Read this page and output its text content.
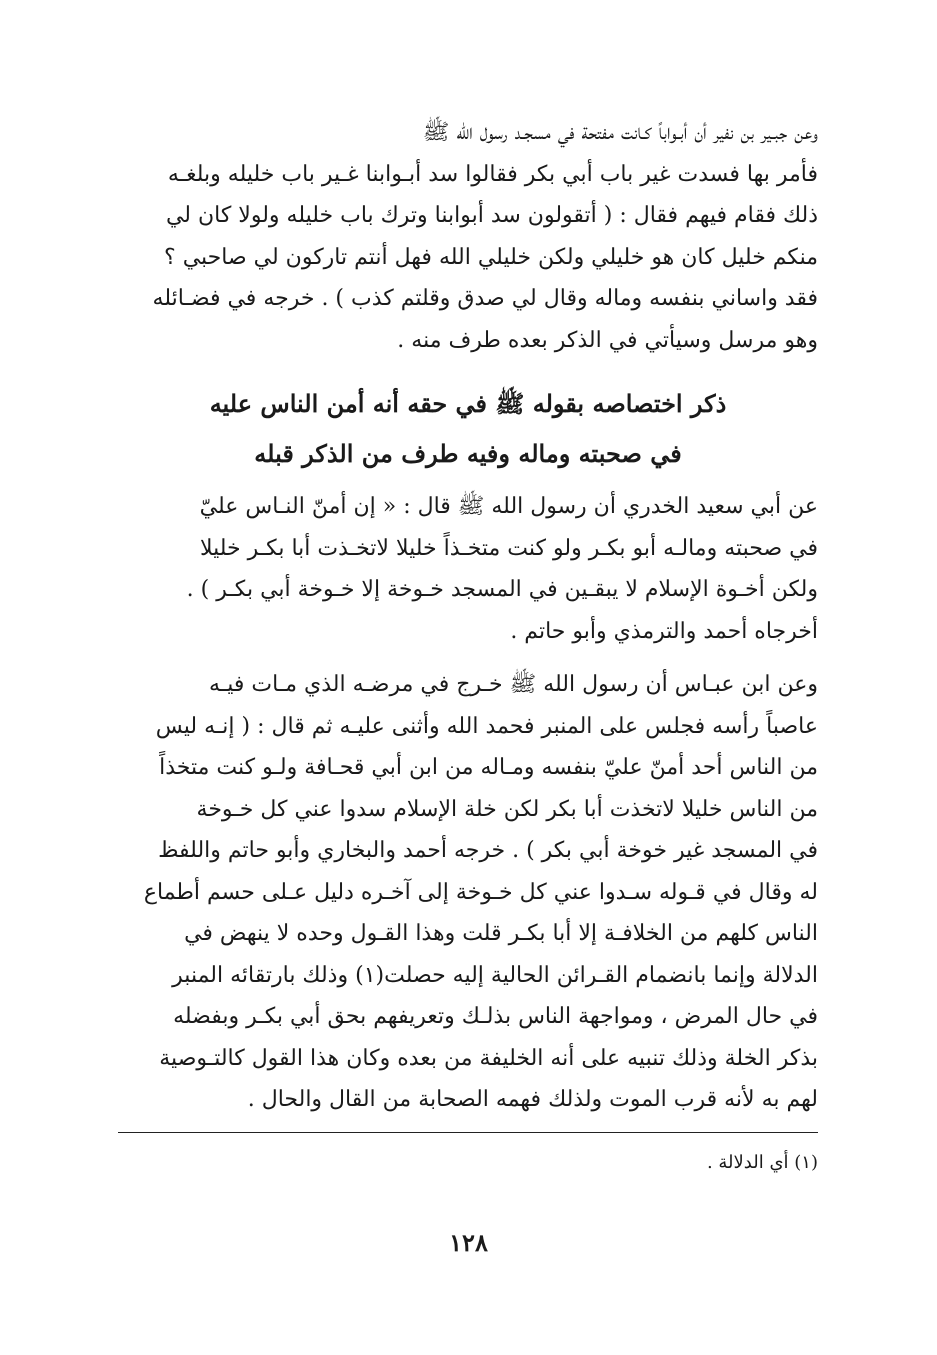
وعن جبـير بن نفير أن أبـواباً كـانت مفتحة في مسجـد رسول الله ﷺ
فأمر بها فسدت غير باب أبي بكر فقالوا سد أبـوابنا غـير باب خليله وبلغـه
ذلك فقام فيهم فقال : ( أتقولون سد أبوابنا وترك باب خليله ولولا كان لي
منكم خليل كان هو خليلي ولكن خليلي الله فهل أنتم تاركون لي صاحبي ؟
فقد واساني بنفسه وماله وقال لي صدق وقلتم كذب ) . خرجه في فضـائله
وهو مرسل وسيأتي في الذكر بعده طرف منه .
ذكر اختصاصه بقوله ﷺ في حقه أنه أمن الناس عليه
في صحبته وماله وفيه طرف من الذكر قبله
عن أبي سعيد الخدري أن رسول الله ﷺ قال : « إن أمنّ النـاس عليّ
في صحبته ومالـه أبو بكـر ولو كنت متخـذاً خليلا لاتخـذت أبا بكـر خليلا
ولكن أخـوة الإسلام لا يبقـين في المسجد خـوخة إلا خـوخة أبي بكـر ) .
أخرجاه أحمد والترمذي وأبو حاتم .
وعن ابن عبـاس أن رسول الله ﷺ خـرج في مرضـه الذي مـات فيـه
عاصباً رأسه فجلس على المنبر فحمد الله وأثنى عليـه ثم قال : ( إنـه ليس
من الناس أحد أمنّ عليّ بنفسه ومـاله من ابن أبي قحـافة ولـو كنت متخذاً
من الناس خليلا لاتخذت أبا بكر لكن خلة الإسلام سدوا عني كل خـوخة
في المسجد غير خوخة أبي بكر ) . خرجه أحمد والبخاري وأبو حاتم واللفظ
له وقال في قـوله سـدوا عني كل خـوخة إلى آخـره دليل عـلى حسم أطماع
الناس كلهم من الخلافـة إلا أبا بكـر قلت وهذا القـول وحده لا ينهض في
الدلالة وإنما بانضمام القـرائن الحالية إليه حصلت(١) وذلك بارتقائه المنبر
في حال المرض ، ومواجهة الناس بذلـك وتعريفهم بحق أبي بكـر وبفضله
بذكر الخلة وذلك تنبيه على أنه الخليفة من بعده وكان هذا القول كالتـوصية
لهم به لأنه قرب الموت ولذلك فهمه الصحابة من القال والحال .
(١) أي الدلالة .
١٢٨
